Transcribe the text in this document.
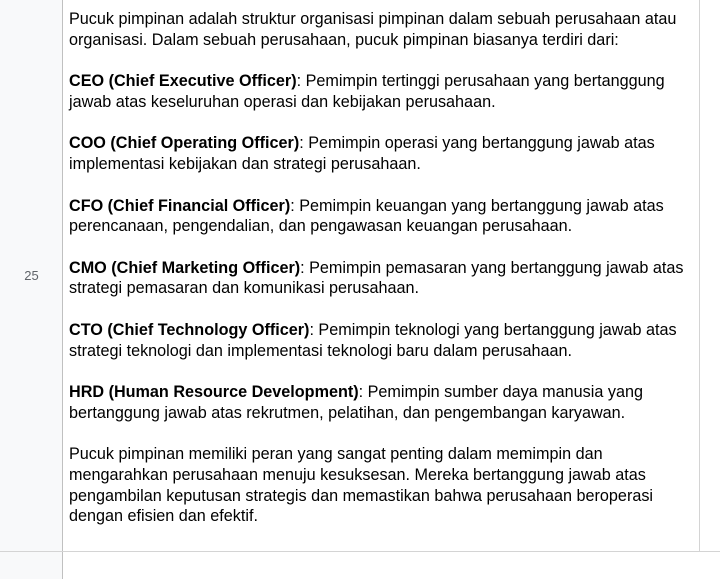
25

Pucuk pimpinan adalah struktur organisasi pimpinan dalam sebuah perusahaan atau organisasi. Dalam sebuah perusahaan, pucuk pimpinan biasanya terdiri dari:

CEO (Chief Executive Officer): Pemimpin tertinggi perusahaan yang bertanggung jawab atas keseluruhan operasi dan kebijakan perusahaan.

COO (Chief Operating Officer): Pemimpin operasi yang bertanggung jawab atas implementasi kebijakan dan strategi perusahaan.

CFO (Chief Financial Officer): Pemimpin keuangan yang bertanggung jawab atas perencanaan, pengendalian, dan pengawasan keuangan perusahaan.

CMO (Chief Marketing Officer): Pemimpin pemasaran yang bertanggung jawab atas strategi pemasaran dan komunikasi perusahaan.

CTO (Chief Technology Officer): Pemimpin teknologi yang bertanggung jawab atas strategi teknologi dan implementasi teknologi baru dalam perusahaan.

HRD (Human Resource Development): Pemimpin sumber daya manusia yang bertanggung jawab atas rekrutmen, pelatihan, dan pengembangan karyawan.

Pucuk pimpinan memiliki peran yang sangat penting dalam memimpin dan mengarahkan perusahaan menuju kesuksesan. Mereka bertanggung jawab atas pengambilan keputusan strategis dan memastikan bahwa perusahaan beroperasi dengan efisien dan efektif.
